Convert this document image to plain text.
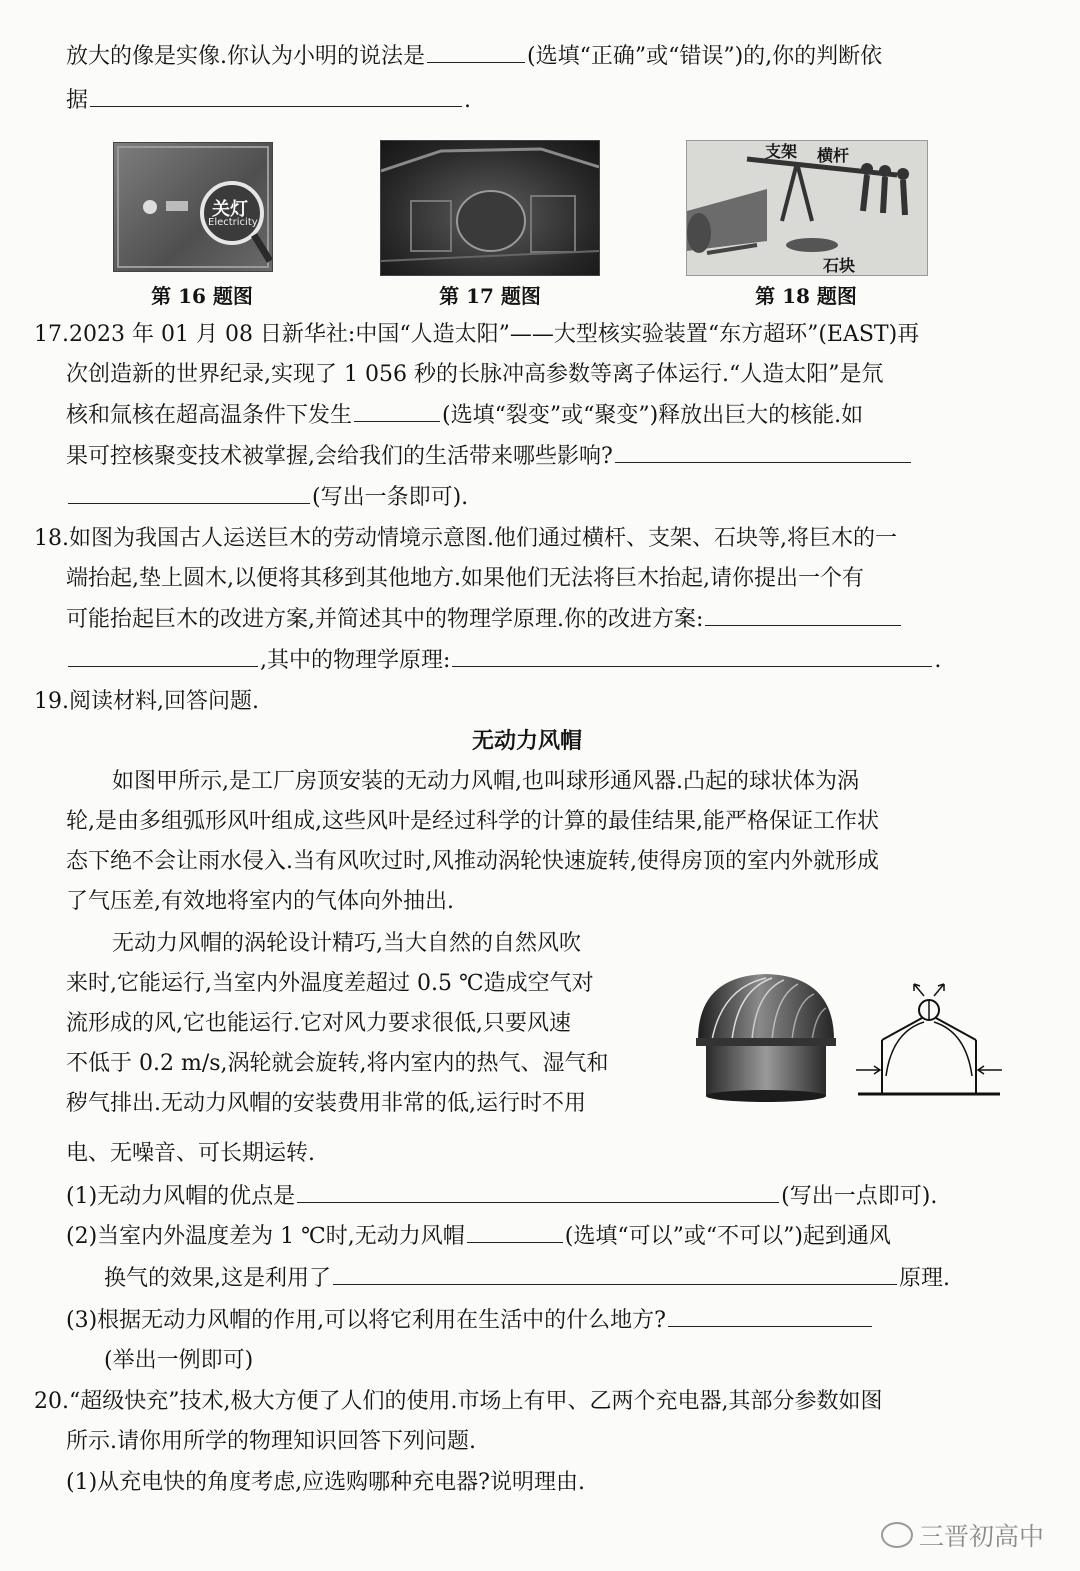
放大的像是实像.你认为小明的说法是	(选填“正确”或“错误”)的,你的判断依
据	.
关灯
Electricity
第 16 题图	第 17 题图
支架 横杆
石块
第 18 题图
17.2023 年 01 月 08 日新华社:中国“人造太阳”——大型核实验装置“东方超环”(EAST)再
次创造新的世界纪录,实现了 1 056 秒的长脉冲高参数等离子体运行.“人造太阳”是氘
核和氚核在超高温条件下发生	(选填“裂变”或“聚变”)释放出巨大的核能.如
果可控核聚变技术被掌握,会给我们的生活带来哪些影响?
(写出一条即可).
18.如图为我国古人运送巨木的劳动情境示意图.他们通过横杆、支架、石块等,将巨木的一
端抬起,垫上圆木,以便将其移到其他地方.如果他们无法将巨木抬起,请你提出一个有
可能抬起巨木的改进方案,并简述其中的物理学原理.你的改进方案:
,其中的物理学原理:	.
19.阅读材料,回答问题.
无动力风帽
如图甲所示,是工厂房顶安装的无动力风帽,也叫球形通风器.凸起的球状体为涡
轮,是由多组弧形风叶组成,这些风叶是经过科学的计算的最佳结果,能严格保证工作状
态下绝不会让雨水侵入.当有风吹过时,风推动涡轮快速旋转,使得房顶的室内外就形成
了气压差,有效地将室内的气体向外抽出.
无动力风帽的涡轮设计精巧,当大自然的自然风吹
来时,它能运行,当室内外温度差超过 0.5 ℃造成空气对
流形成的风,它也能运行.它对风力要求很低,只要风速
不低于 0.2 m/s,涡轮就会旋转,将内室内的热气、湿气和
秽气排出.无动力风帽的安装费用非常的低,运行时不用
电、无噪音、可长期运转.
(1)无动力风帽的优点是	(写出一点即可).
(2)当室内外温度差为 1 ℃时,无动力风帽	(选填“可以”或“不可以”)起到通风
换气的效果,这是利用了	原理.
(3)根据无动力风帽的作用,可以将它利用在生活中的什么地方?
(举出一例即可)
20.“超级快充”技术,极大方便了人们的使用.市场上有甲、乙两个充电器,其部分参数如图
所示.请你用所学的物理知识回答下列问题.
(1)从充电快的角度考虑,应选购哪种充电器?说明理由.
三晋初高中
